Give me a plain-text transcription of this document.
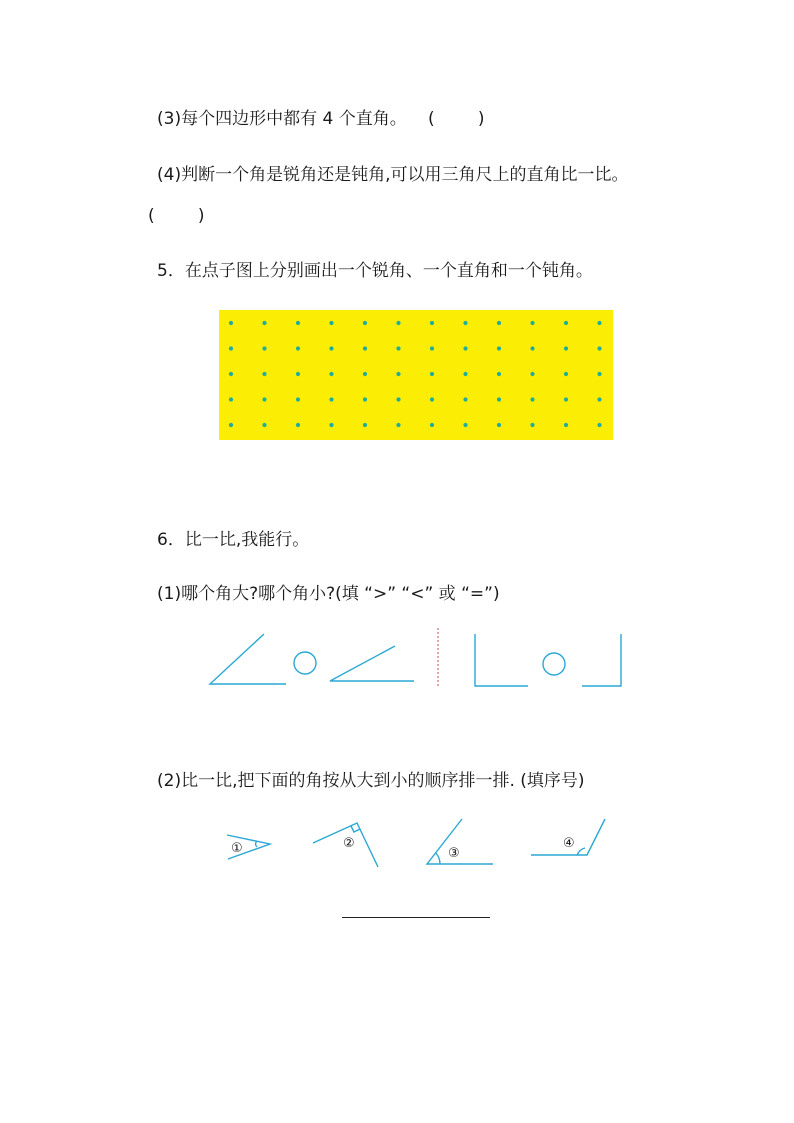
(3)每个四边形中都有 4 个直角。 (        )
(4)判断一个角是锐角还是钝角,可以用三角尺上的直角比一比。
(        )
5．在点子图上分别画出一个锐角、一个直角和一个钝角。
6．比一比,我能行。
(1)哪个角大?哪个角小?(填 “>” “<” 或 “=”)
(2)比一比,把下面的角按从大到小的顺序排一排. (填序号)
①	②
③
④
